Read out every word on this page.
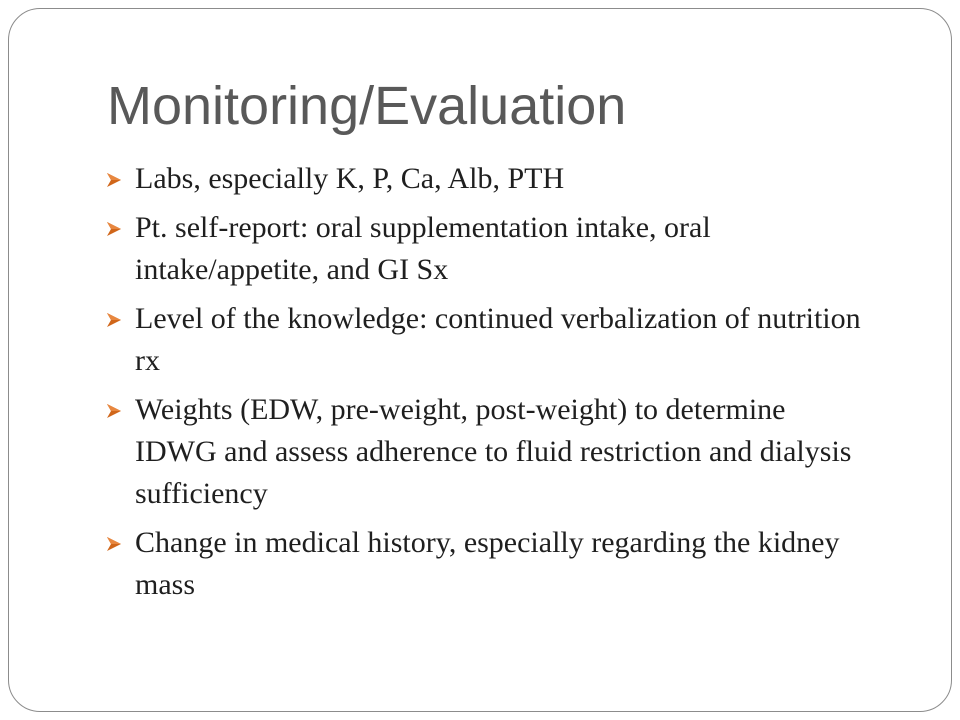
Monitoring/Evaluation
Labs, especially K, P, Ca, Alb, PTH
Pt. self-report: oral supplementation intake, oral
intake/appetite, and GI Sx
Level of the knowledge: continued verbalization of nutrition
rx
Weights (EDW, pre-weight, post-weight) to determine
IDWG and assess adherence to fluid restriction and dialysis
sufficiency
Change in medical history, especially regarding the kidney
mass
